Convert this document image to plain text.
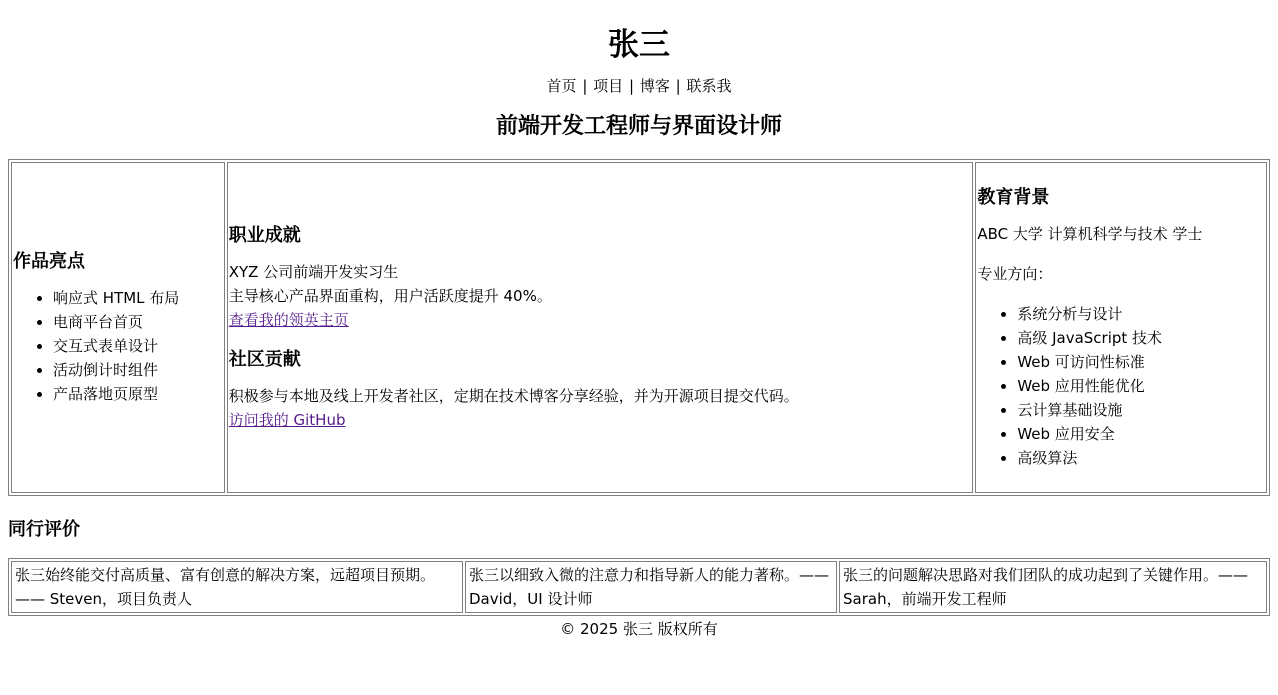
张三
首页 | 项目 | 博客 | 联系我
前端开发工程师与界面设计师
作品亮点
• 响应式 HTML 布局
• 电商平台首页
• 交互式表单设计
• 活动倒计时组件
• 产品落地页原型

职业成就

XYZ 公司前端开发实习生
主导核心产品界面重构，用户活跃度提升 40%。
查看我的领英主页

社区贡献

积极参与本地及线上开发者社区，定期在技术博客分享经验，并为开源项目提交代码。
访问我的 GitHub

教育背景

ABC 大学 计算机科学与技术 学士

专业方向：

• 系统分析与设计
• 高级 JavaScript 技术
• Web 可访问性标准
• Web 应用性能优化
• 云计算基础设施
• Web 应用安全
• 高级算法
同行评价
张三始终能交付高质量、富有创意的解决方案，远超项目预期。—— Steven，项目负责人	张三以细致入微的注意力和指导新人的能力著称。—— David，UI 设计师	张三的问题解决思路对我们团队的成功起到了关键作用。—— Sarah，前端开发工程师
© 2025 张三 版权所有
